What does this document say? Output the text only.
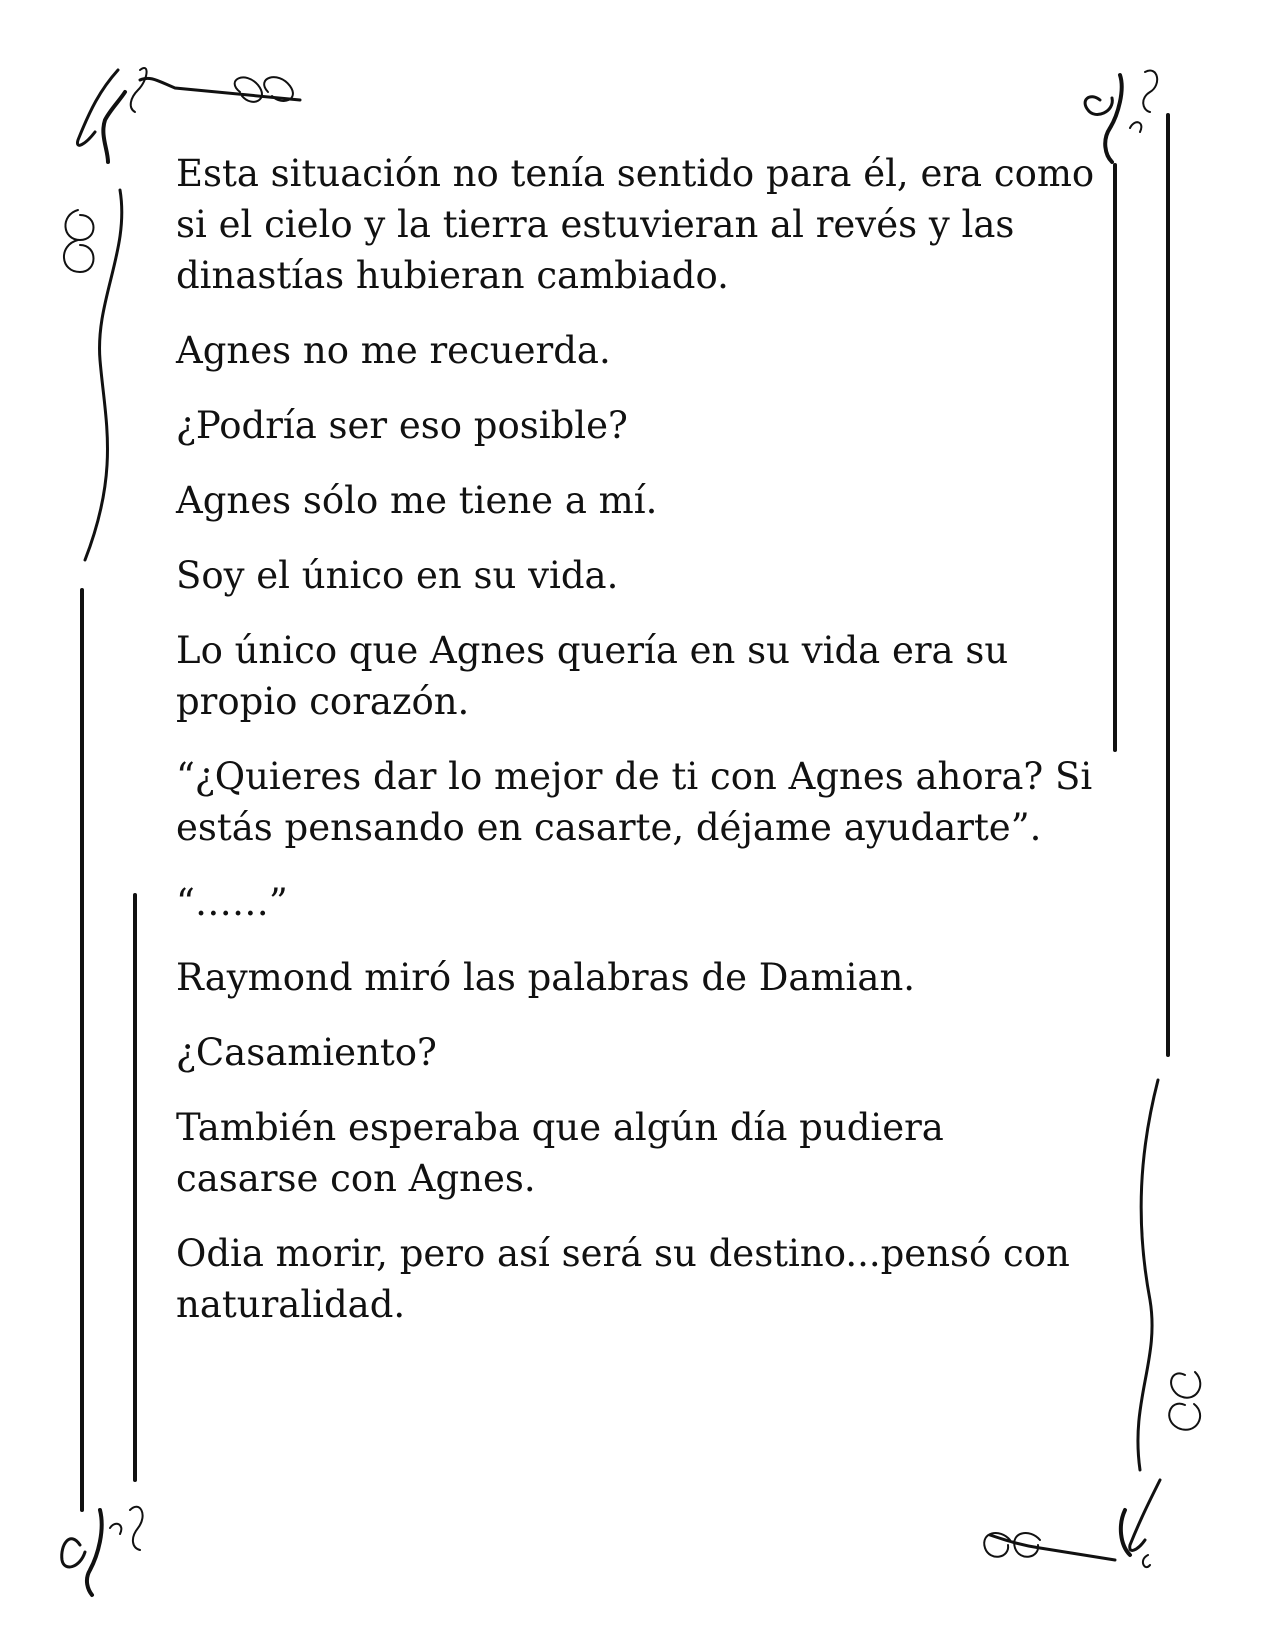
Esta situación no tenía sentido para él, era como si el cielo y la tierra estuvieran al revés y las dinastías hubieran cambiado.

Agnes no me recuerda.

¿Podría ser eso posible?

Agnes sólo me tiene a mí.

Soy el único en su vida.

Lo único que Agnes quería en su vida era su propio corazón.

“¿Quieres dar lo mejor de ti con Agnes ahora? Si estás pensando en casarte, déjame ayudarte”.

“……”

Raymond miró las palabras de Damian.

¿Casamiento?

También esperaba que algún día pudiera casarse con Agnes.

Odia morir, pero así será su destino...pensó con naturalidad.
